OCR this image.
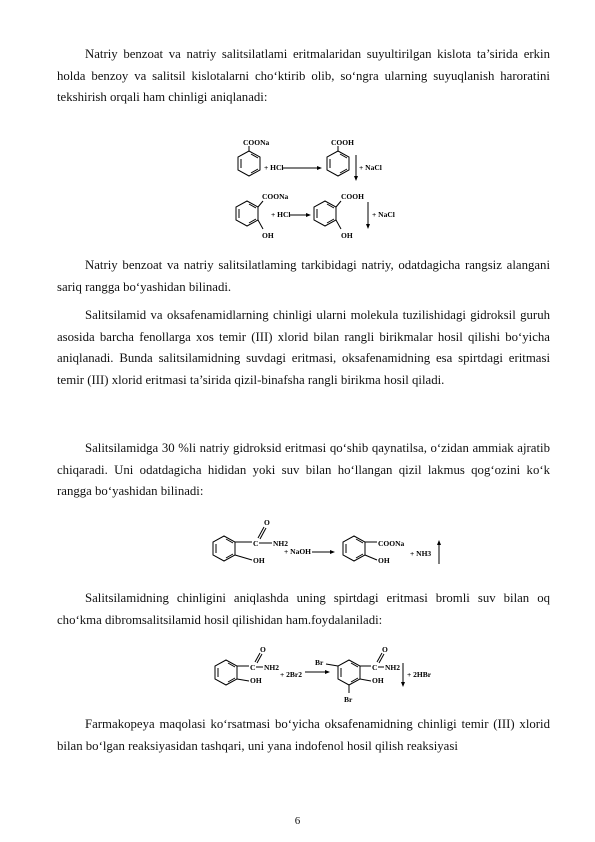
Natriy benzoat va natriy salitsilatlami eritmalaridan suyultirilgan kislota ta’sirida erkin holda benzoy va salitsil kislotalarni cho‘ktirib olib, so‘ngra ularning suyuqlanish haroratini tekshirish orqali ham chinligi aniqlanadi:

COONa
+ HCl
COOH
+ NaCl
COONa
OH
+ HCl
COOH
OH
+ NaCl

Natriy benzoat va natriy salitsilatlaming tarkibidagi natriy, odatdagicha rangsiz alangani sariq rangga bo‘yashidan bilinadi.

Salitsilamid va oksafenamidlarning chinligi ularni molekula tuzilishidagi gidroksil guruh asosida barcha fenollarga xos temir (III) xlorid bilan rangli birikmalar hosil qilishi bo‘yicha aniqlanadi. Bunda salitsilamidning suvdagi eritmasi, oksafenamidning esa spirtdagi eritmasi temir (III) xlorid eritmasi ta’sirida qizil-binafsha rangli birikma hosil qiladi.

Salitsilamidga 30 %li natriy gidroksid eritmasi qo‘shib qaynatilsa, o‘zidan ammiak ajratib chiqaradi. Uni odatdagicha hididan yoki suv bilan ho‘llangan qizil lakmus qog‘ozini ko‘k rangga bo‘yashidan bilinadi:

C
O
NH2
OH
+ NaOH
COONa
OH
+ NH3

Salitsilamidning chinligini aniqlashda uning spirtdagi eritmasi bromli suv bilan oq cho‘kma dibromsalitsilamid hosil qilishidan ham.foydalaniladi:

C
O
NH2
OH
+ 2Br2
Br
Br
C
O
NH2
OH
+ 2HBr

Farmakopeya maqolasi ko‘rsatmasi bo‘yicha oksafenamidning chinligi temir (III) xlorid bilan bo‘lgan reaksiyasidan tashqari, uni yana indofenol hosil qilish reaksiyasi

6
